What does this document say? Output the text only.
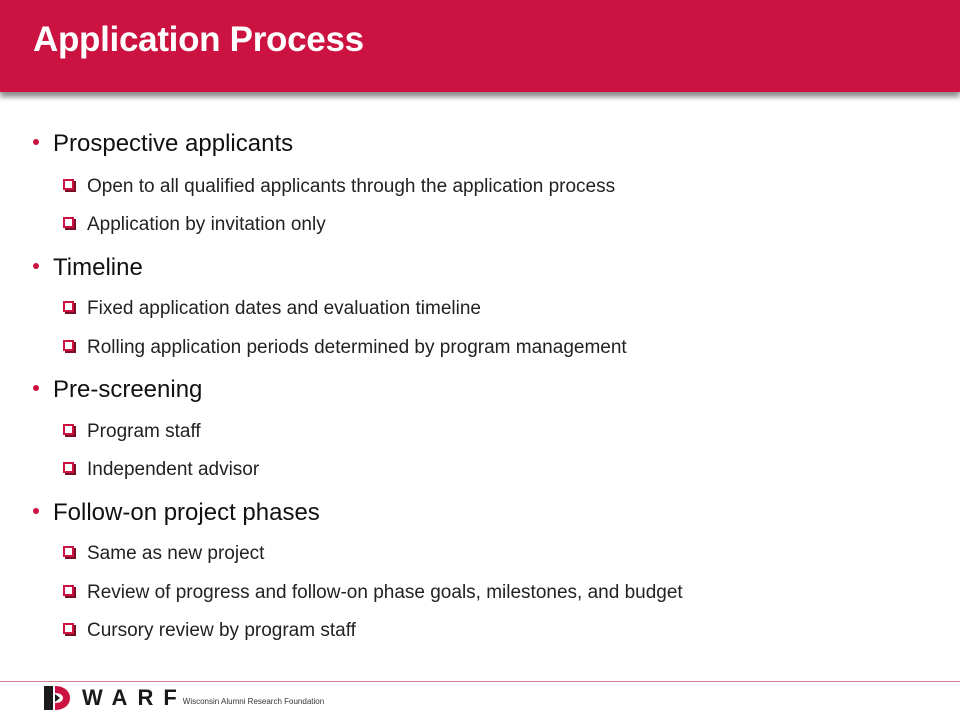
Application Process
Prospective applicants
Open to all qualified applicants through the application process
Application by invitation only
Timeline
Fixed application dates and evaluation timeline
Rolling application periods determined by program management
Pre-screening
Program staff
Independent advisor
Follow-on project phases
Same as new project
Review of progress and follow-on phase goals, milestones, and budget
Cursory review by program staff
WARF
Wisconsin Alumni Research Foundation
